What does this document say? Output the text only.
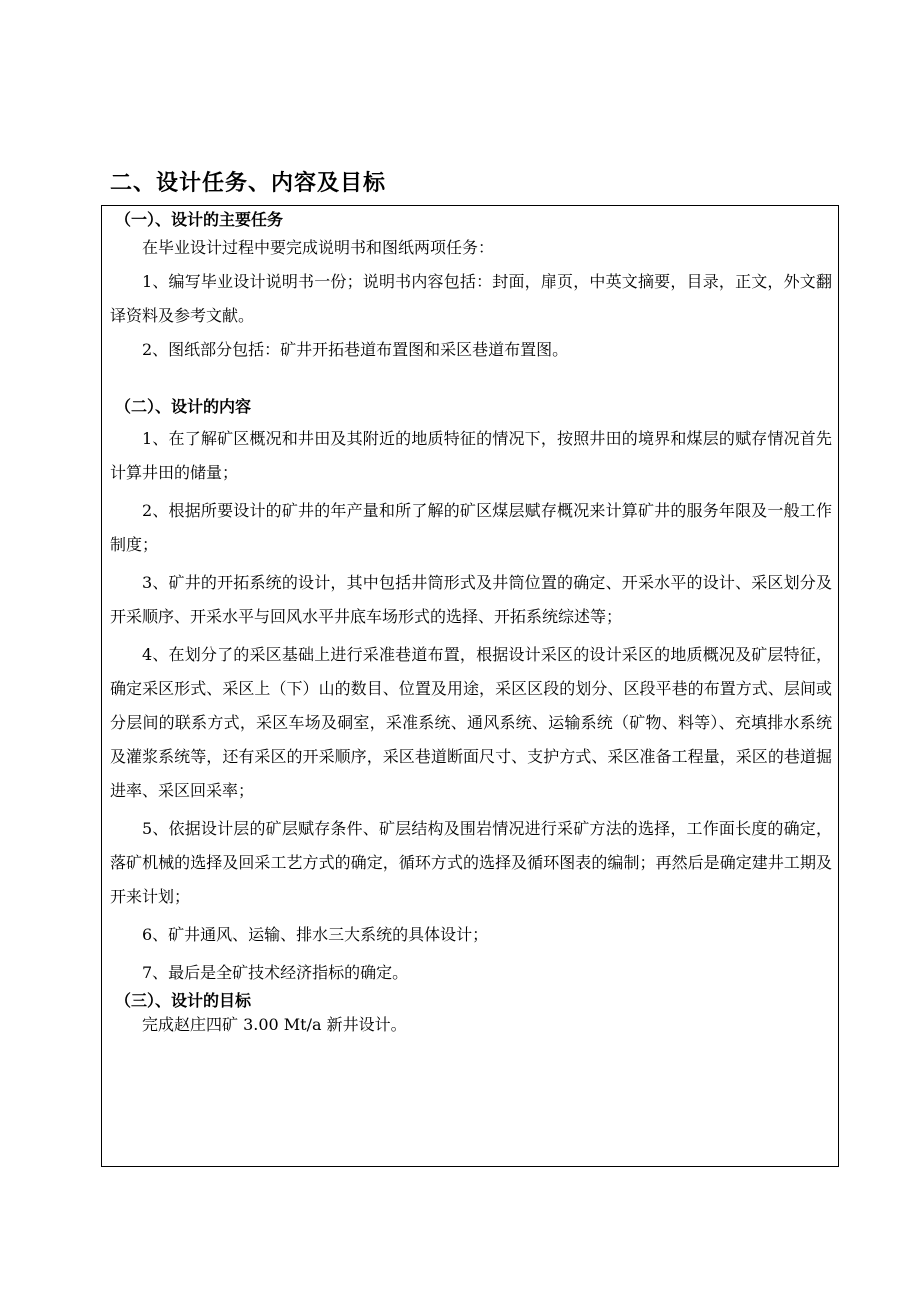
二、设计任务、内容及目标
（一）、设计的主要任务

在毕业设计过程中要完成说明书和图纸两项任务：

1、编写毕业设计说明书一份；说明书内容包括：封面，扉页，中英文摘要，目录，正文，外文翻译资料及参考文献。

2、图纸部分包括：矿井开拓巷道布置图和采区巷道布置图。

（二）、设计的内容

1、在了解矿区概况和井田及其附近的地质特征的情况下，按照井田的境界和煤层的赋存情况首先计算井田的储量；

2、根据所要设计的矿井的年产量和所了解的矿区煤层赋存概况来计算矿井的服务年限及一般工作制度；

3、矿井的开拓系统的设计，其中包括井筒形式及井筒位置的确定、开采水平的设计、采区划分及开采顺序、开采水平与回风水平井底车场形式的选择、开拓系统综述等；

4、在划分了的采区基础上进行采准巷道布置，根据设计采区的设计采区的地质概况及矿层特征，确定采区形式、采区上（下）山的数目、位置及用途，采区区段的划分、区段平巷的布置方式、层间或分层间的联系方式，采区车场及硐室，采准系统、通风系统、运输系统（矿物、料等）、充填排水系统及灌浆系统等，还有采区的开采顺序，采区巷道断面尺寸、支护方式、采区准备工程量，采区的巷道掘进率、采区回采率；

5、依据设计层的矿层赋存条件、矿层结构及围岩情况进行采矿方法的选择，工作面长度的确定，落矿机械的选择及回采工艺方式的确定，循环方式的选择及循环图表的编制；再然后是确定建井工期及开来计划；

6、矿井通风、运输、排水三大系统的具体设计；

7、最后是全矿技术经济指标的确定。

（三）、设计的目标

完成赵庄四矿 3.00 Mt/a 新井设计。
